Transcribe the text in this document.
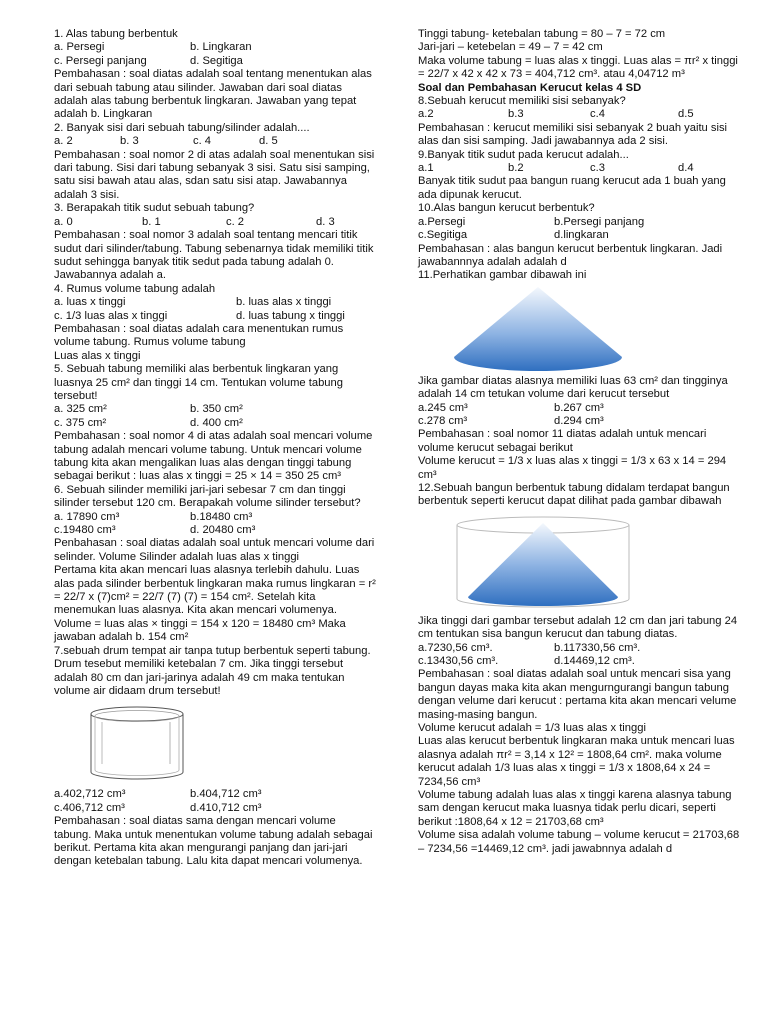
1. Alas tabung berbentuk

a. Persegi	b. Lingkaran
c. Persegi panjang	d. Segitiga

Pembahasan : soal diatas adalah soal tentang menentukan alas dari sebuah tabung atau silinder. Jawaban dari soal diatas adalah alas tabung berbentuk lingkaran. Jawaban yang tepat adalah b. Lingkaran

2. Banyak sisi dari sebuah tabung/silinder adalah....

a. 2	b. 3	c. 4	d. 5

Pembahasan : soal nomor 2 di atas adalah soal menentukan sisi dari tabung. Sisi dari tabung sebanyak 3 sisi. Satu sisi samping, satu sisi bawah atau alas, sdan satu sisi atap. Jawabannya adalah 3 sisi.

3. Berapakah titik sudut sebuah tabung?

a. 0	b. 1	c. 2	d. 3

Pembahasan : soal nomor 3 adalah soal tentang mencari titik sudut dari silinder/tabung. Tabung sebenarnya tidak memiliki titik sudut sehingga banyak titik sedut pada tabung adalah 0. Jawabannya adalah a.

4. Rumus volume tabung adalah

a. luas x tinggi	b. luas alas x tinggi
c. 1/3 luas alas x tinggi	d. luas tabung x tinggi

Pembahasan : soal diatas adalah cara menentukan rumus volume tabung. Rumus volume tabung

Luas alas x tinggi

5. Sebuah tabung memiliki alas berbentuk lingkaran yang luasnya 25 cm² dan tinggi 14 cm. Tentukan volume tabung tersebut!

a. 325 cm²	b. 350 cm²
c. 375 cm²	d. 400 cm²

Pembahasan : soal nomor 4 di atas adalah soal mencari volume tabung adalah mencari volume tabung. Untuk mencari volume tabung kita akan mengalikan luas alas dengan tinggi tabung sebagai berikut : luas alas x tinggi = 25 × 14 = 350 25 cm³

6. Sebuah silinder memiliki jari-jari sebesar 7 cm dan tinggi silinder tersebut 120 cm. Berapakah volume silinder tersebut?

a. 17890 cm³	b.18480 cm³
c.19480 cm³	d. 20480 cm³

Penbahasan : soal diatas adalah soal untuk mencari volume dari selinder. Volume Silinder adalah luas alas x tinggi

Pertama kita akan mencari luas alasnya terlebih dahulu. Luas alas pada silinder berbentuk lingkaran maka rumus lingkaran = r² = 22/7 x (7)cm² = 22/7 (7) (7) = 154 cm². Setelah kita menemukan luas alasnya. Kita akan mencari volumenya. Volume = luas alas × tinggi = 154 x 120 = 18480 cm³ Maka jawaban adalah b. 154 cm²

7.sebuah drum tempat air tanpa tutup berbentuk seperti tabung. Drum tesebut memiliki ketebalan 7 cm. Jika tinggi tersebut adalah 80 cm dan jari-jarinya adalah 49 cm maka tentukan volume air didaam drum tersebut!

a.402,712 cm³	b.404,712 cm³
c.406,712 cm³	d.410,712 cm³

Pembahasan : soal diatas sama dengan mencari volume tabung. Maka untuk menentukan volume tabung adalah sebagai berikut. Pertama kita akan mengurangi panjang dan jari-jari dengan ketebalan tabung. Lalu kita dapat mencari volumenya.

Tinggi tabung- ketebalan tabung = 80 – 7 = 72 cm

Jari-jari – ketebelan = 49 – 7 = 42 cm

Maka volume tabung = luas alas x tinggi. Luas alas = πr² x tinggi = 22/7 x 42 x 42 x 73 = 404,712 cm³. atau 4,04712 m³

Soal dan Pembahasan Kerucut kelas 4 SD

8.Sebuah kerucut memiliki sisi sebanyak?

a.2	b.3	c.4	d.5

Pembahasan : kerucut memiliki sisi sebanyak 2 buah yaitu sisi alas dan sisi samping. Jadi jawabannya ada 2 sisi.

9.Banyak titik sudut pada kerucut adalah...

a.1	b.2	c.3	d.4

Banyak titik sudut paa bangun ruang kerucut ada 1 buah yang ada dipunak kerucut.

10.Alas bangun kerucut berbentuk?

a.Persegi	b.Persegi panjang
c.Segitiga	d.lingkaran

Pembahasan : alas bangun kerucut berbentuk lingkaran. Jadi jawabannnya adalah adalah d

11.Perhatikan gambar dibawah ini

Jika gambar diatas alasnya memiliki luas 63 cm² dan tingginya adalah 14 cm tetukan volume dari kerucut tersebut

a.245 cm³	b.267 cm³
c.278 cm³	d.294 cm³

Pembahasan : soal nomor 11 diatas adalah untuk mencari volume kerucut sebagai berikut

Volume kerucut = 1/3 x luas alas x tinggi = 1/3 x 63 x 14 = 294 cm³

12.Sebuah bangun berbentuk tabung didalam terdapat bangun berbentuk seperti kerucut dapat dilihat pada gambar dibawah

Jika tinggi dari gambar tersebut adalah 12 cm dan jari tabung 24 cm tentukan sisa bangun kerucut dan tabung diatas.

a.7230,56 cm³.	b.117330,56 cm³.
c.13430,56 cm³.	d.14469,12 cm³.

Pembahasan : soal diatas adalah soal untuk mencari sisa yang bangun dayas maka kita akan mengurngurangi bangun tabung dengan velume dari kerucut : pertama kita akan mencari velume masing-masing bangun.

Volume kerucut adalah = 1/3 luas alas x tinggi

Luas alas kerucut berbentuk lingkaran maka untuk mencari luas alasnya adalah πr² = 3,14 x 12² = 1808,64 cm². maka volume kerucut adalah 1/3 luas alas x tinggi = 1/3 x 1808,64 x 24 = 7234,56 cm³

Volume tabung adalah luas alas x tinggi karena alasnya tabung sam dengan kerucut maka luasnya tidak perlu dicari, seperti berikut :1808,64 x 12 = 21703,68 cm³

Volume sisa adalah volume tabung – volume kerucut = 21703,68 – 7234,56 =14469,12 cm³. jadi jawabnnya adalah d
